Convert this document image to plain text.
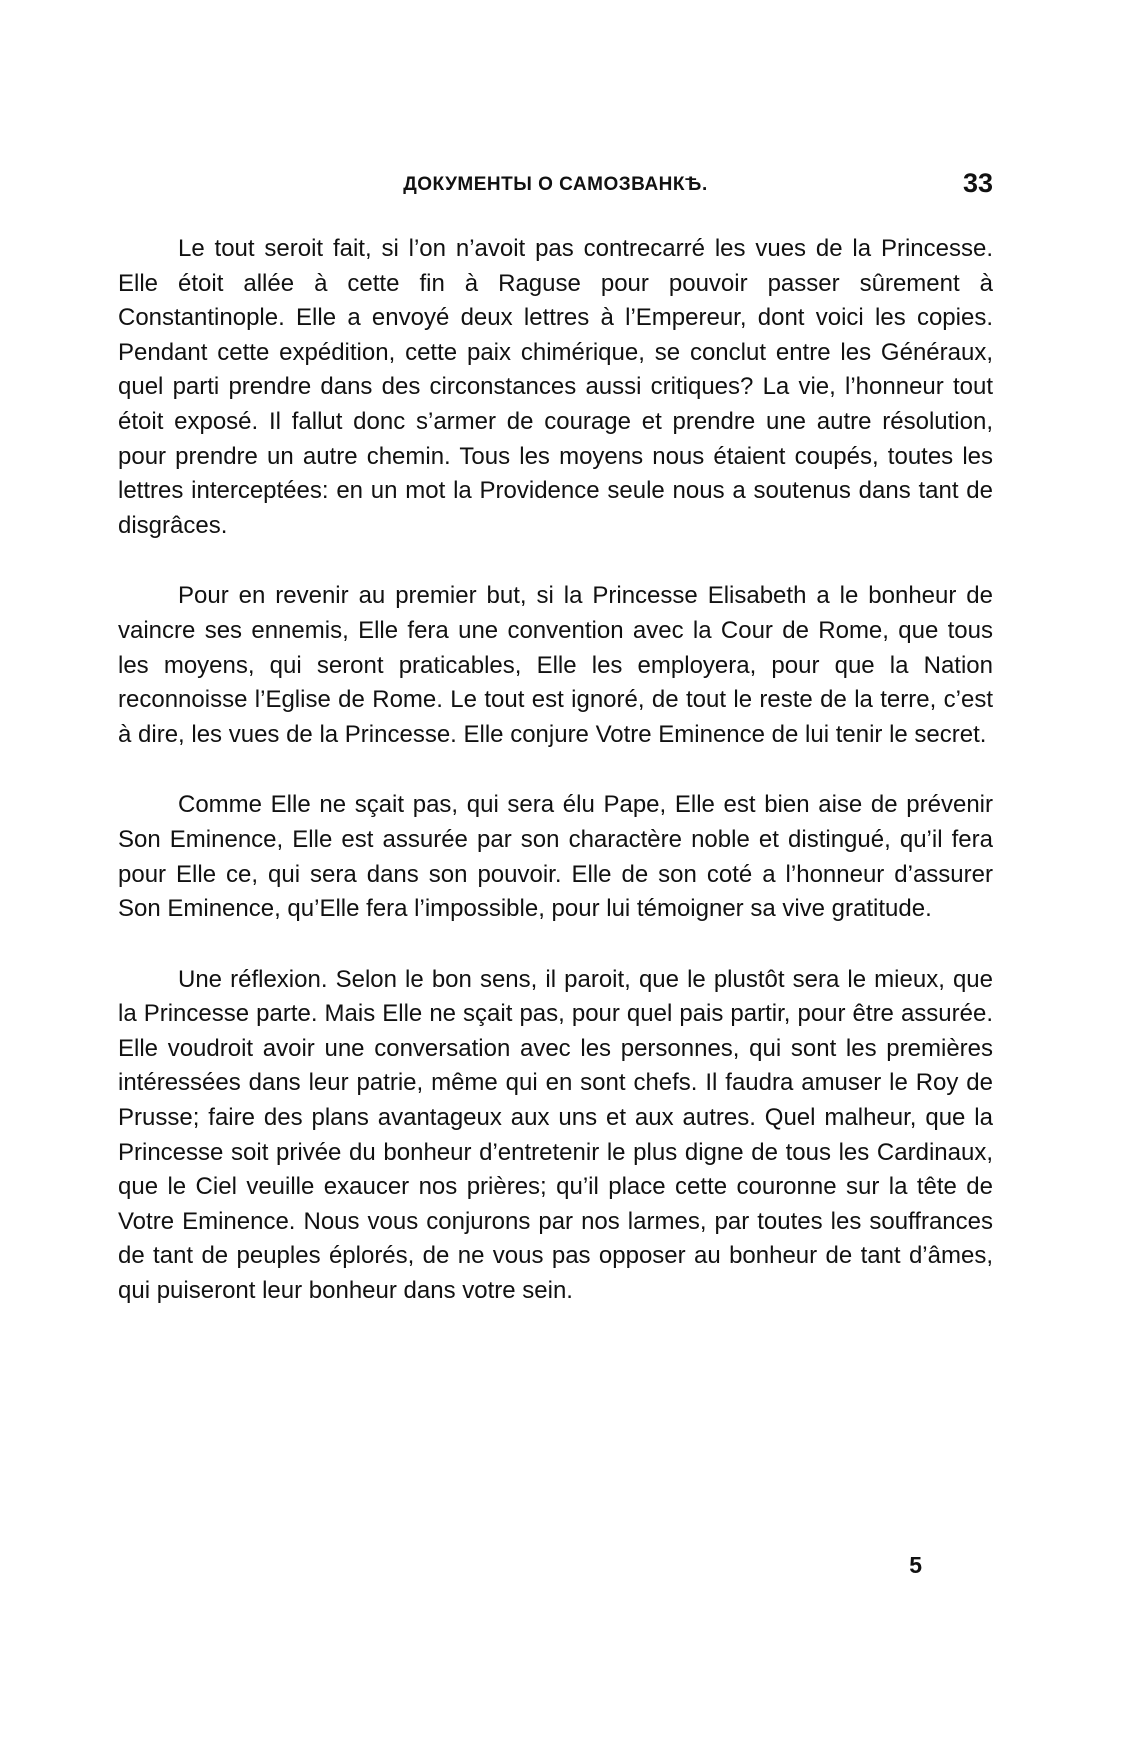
ДОКУМЕНТЫ О САМОЗВАНКѢ.	33

Le tout seroit fait, si l’on n’avoit pas contrecarré les vues de la Princesse. Elle étoit allée à cette fin à Raguse pour pouvoir passer sûrement à Constantinople. Elle a envoyé deux lettres à l’Empereur, dont voici les copies. Pendant cette expédition, cette paix chimérique, se conclut entre les Généraux, quel parti prendre dans des circonstances aussi critiques? La vie, l’honneur tout étoit exposé. Il fallut donc s’armer de courage et prendre une autre résolution, pour prendre un autre chemin. Tous les moyens nous étaient coupés, toutes les lettres interceptées: en un mot la Providence seule nous a soutenus dans tant de disgrâces.

Pour en revenir au premier but, si la Princesse Elisabeth a le bonheur de vaincre ses ennemis, Elle fera une convention avec la Cour de Rome, que tous les moyens, qui seront praticables, Elle les employera, pour que la Nation reconnoisse l’Eglise de Rome. Le tout est ignoré, de tout le reste de la terre, c’est à dire, les vues de la Princesse. Elle conjure Votre Eminence de lui tenir le secret.

Comme Elle ne sçait pas, qui sera élu Pape, Elle est bien aise de prévenir Son Eminence, Elle est assurée par son charactère noble et distingué, qu’il fera pour Elle ce, qui sera dans son pouvoir. Elle de son coté a l’honneur d’assurer Son Eminence, qu’Elle fera l’impossible, pour lui témoigner sa vive gratitude.

Une réflexion. Selon le bon sens, il paroit, que le plustôt sera le mieux, que la Princesse parte. Mais Elle ne sçait pas, pour quel pais partir, pour être assurée. Elle voudroit avoir une conversation avec les personnes, qui sont les premières intéressées dans leur patrie, même qui en sont chefs. Il faudra amuser le Roy de Prusse; faire des plans avantageux aux uns et aux autres. Quel malheur, que la Princesse soit privée du bonheur d’entretenir le plus digne de tous les Cardinaux, que le Ciel veuille exaucer nos prières; qu’il place cette couronne sur la tête de Votre Eminence. Nous vous conjurons par nos larmes, par toutes les souffrances de tant de peuples éplorés, de ne vous pas opposer au bonheur de tant d’âmes, qui puiseront leur bonheur dans votre sein.

5
